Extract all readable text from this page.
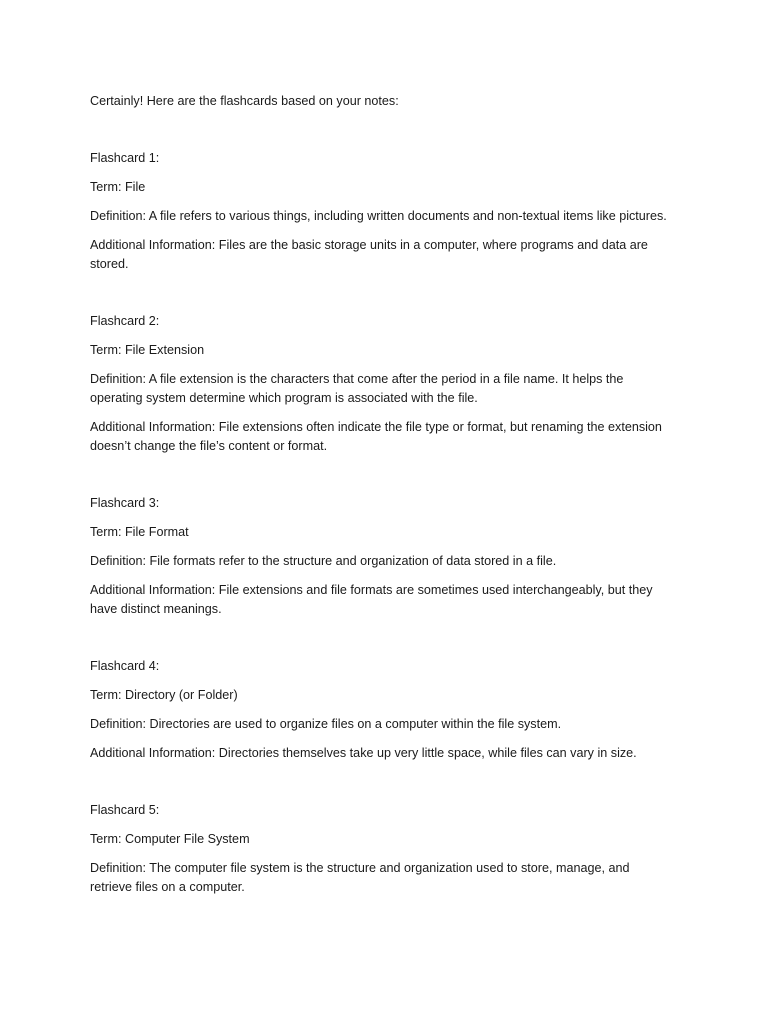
Certainly! Here are the flashcards based on your notes:

Flashcard 1:

Term: File

Definition: A file refers to various things, including written documents and non-textual items like pictures.

Additional Information: Files are the basic storage units in a computer, where programs and data are stored.

Flashcard 2:

Term: File Extension

Definition: A file extension is the characters that come after the period in a file name. It helps the operating system determine which program is associated with the file.

Additional Information: File extensions often indicate the file type or format, but renaming the extension doesn’t change the file’s content or format.

Flashcard 3:

Term: File Format

Definition: File formats refer to the structure and organization of data stored in a file.

Additional Information: File extensions and file formats are sometimes used interchangeably, but they have distinct meanings.

Flashcard 4:

Term: Directory (or Folder)

Definition: Directories are used to organize files on a computer within the file system.

Additional Information: Directories themselves take up very little space, while files can vary in size.

Flashcard 5:

Term: Computer File System

Definition: The computer file system is the structure and organization used to store, manage, and retrieve files on a computer.
